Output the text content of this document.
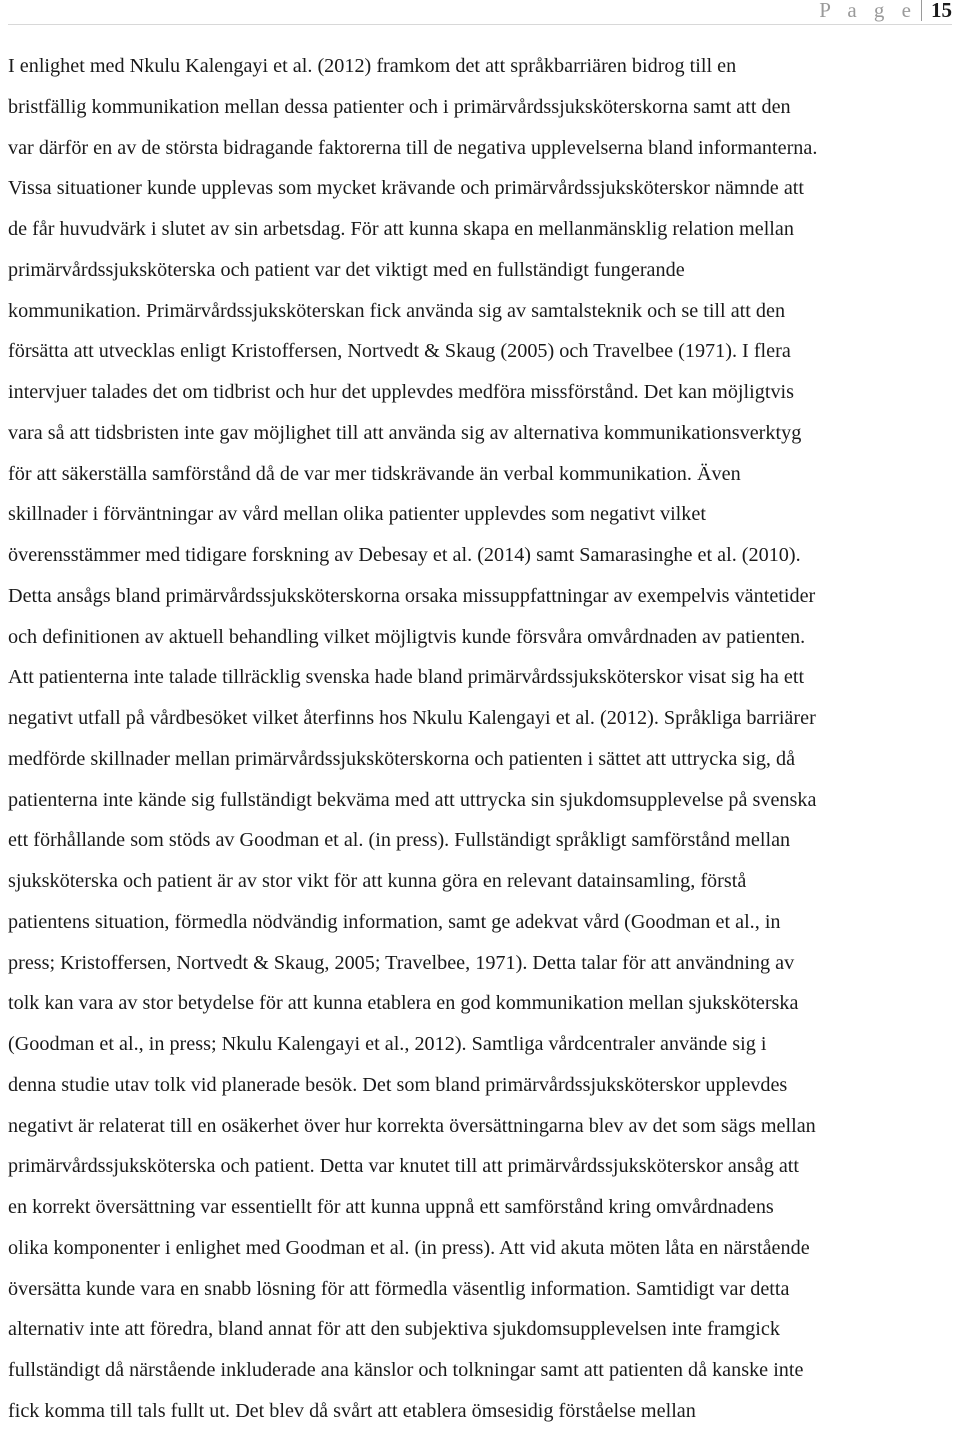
P a g e 15
I enlighet med Nkulu Kalengayi et al. (2012) framkom det att språkbarriären bidrog till en
bristfällig kommunikation mellan dessa patienter och i primärvårdssjuksköterskorna samt att den
var därför en av de största bidragande faktorerna till de negativa upplevelserna bland informanterna.
Vissa situationer kunde upplevas som mycket krävande och primärvårdssjuksköterskor nämnde att
de får huvudvärk i slutet av sin arbetsdag. För att kunna skapa en mellanmänsklig relation mellan
primärvårdssjuksköterska och patient var det viktigt med en fullständigt fungerande
kommunikation. Primärvårdssjuksköterskan fick använda sig av samtalsteknik och se till att den
försätta att utvecklas enligt Kristoffersen, Nortvedt & Skaug (2005) och Travelbee (1971). I flera
intervjuer talades det om tidbrist och hur det upplevdes medföra missförstånd. Det kan möjligtvis
vara så att tidsbristen inte gav möjlighet till att använda sig av alternativa kommunikationsverktyg
för att säkerställa samförstånd då de var mer tidskrävande än verbal kommunikation. Även
skillnader i förväntningar av vård mellan olika patienter upplevdes som negativt vilket
överensstämmer med tidigare forskning av Debesay et al. (2014) samt Samarasinghe et al. (2010).
Detta ansågs bland primärvårdssjuksköterskorna orsaka missuppfattningar av exempelvis väntetider
och definitionen av aktuell behandling vilket möjligtvis kunde försvåra omvårdnaden av patienten.
Att patienterna inte talade tillräcklig svenska hade bland primärvårdssjuksköterskor visat sig ha ett
negativt utfall på vårdbesöket vilket återfinns hos Nkulu Kalengayi et al. (2012). Språkliga barriärer
medförde skillnader mellan primärvårdssjuksköterskorna och patienten i sättet att uttrycka sig, då
patienterna inte kände sig fullständigt bekväma med att uttrycka sin sjukdomsupplevelse på svenska
ett förhållande som stöds av Goodman et al. (in press). Fullständigt språkligt samförstånd mellan
sjuksköterska och patient är av stor vikt för att kunna göra en relevant datainsamling, förstå
patientens situation, förmedla nödvändig information, samt ge adekvat vård (Goodman et al., in
press; Kristoffersen, Nortvedt & Skaug, 2005; Travelbee, 1971). Detta talar för att användning av
tolk kan vara av stor betydelse för att kunna etablera en god kommunikation mellan sjuksköterska
(Goodman et al., in press; Nkulu Kalengayi et al., 2012). Samtliga vårdcentraler använde sig i
denna studie utav tolk vid planerade besök. Det som bland primärvårdssjuksköterskor upplevdes
negativt är relaterat till en osäkerhet över hur korrekta översättningarna blev av det som sägs mellan
primärvårdssjuksköterska och patient. Detta var knutet till att primärvårdssjuksköterskor ansåg att
en korrekt översättning var essentiellt för att kunna uppnå ett samförstånd kring omvårdnadens
olika komponenter i enlighet med Goodman et al. (in press). Att vid akuta möten låta en närstående
översätta kunde vara en snabb lösning för att förmedla väsentlig information. Samtidigt var detta
alternativ inte att föredra, bland annat för att den subjektiva sjukdomsupplevelsen inte framgick
fullständigt då närstående inkluderade ana känslor och tolkningar samt att patienten då kanske inte
fick komma till tals fullt ut. Det blev då svårt att etablera ömsesidig förståelse mellan
